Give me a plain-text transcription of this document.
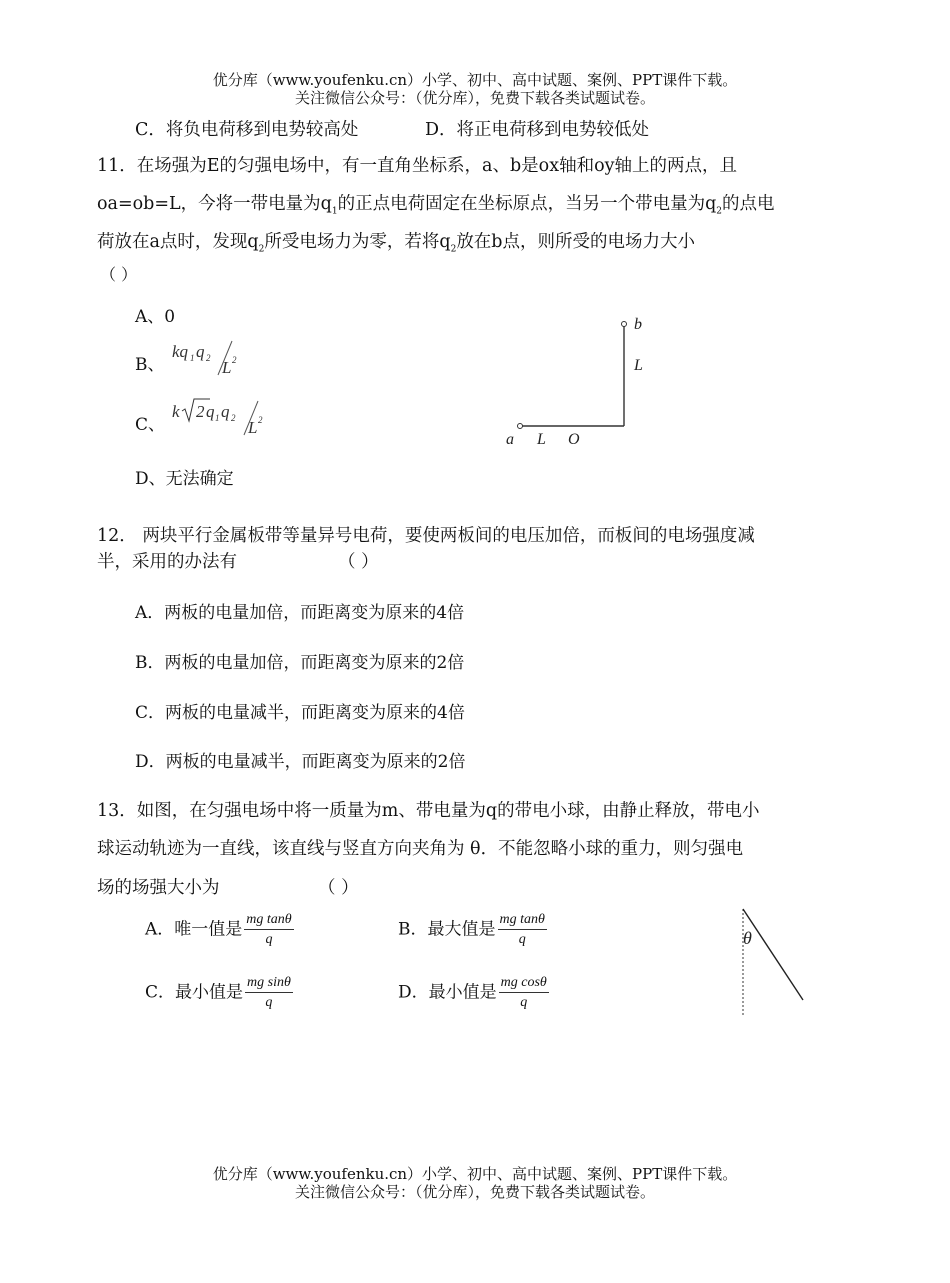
优分库（www.youfenku.cn）小学、初中、高中试题、案例、PPT课件下载。
关注微信公众号：（优分库），免费下载各类试题试卷。
C．将负电荷移到电势较高处	D．将正电荷移到电势较低处
11．在场强为E的匀强电场中，有一直角坐标系，a、b是ox轴和oy轴上的两点，且
oa=ob=L，今将一带电量为$q_1$的正点电荷固定在坐标原点，当另一个带电量为$q_2$的点电
荷放在a点时，发现$q_2$所受电场力为零，若将$q_2$放在b点，则所受的电场力大小
（ ）
A、0
B、
kq 1 q 2 L 2
C、
k 2 q 1 q 2 L 2
D、无法确定
b
L
a L O
12． 两块平行金属板带等量异号电荷，要使两板间的电压加倍，而板间的电场强度减
半，采用的办法有	（ ）
A．两板的电量加倍，而距离变为原来的4倍
B．两板的电量加倍，而距离变为原来的2倍
C．两板的电量减半，而距离变为原来的4倍
D．两板的电量减半，而距离变为原来的2倍
13．如图，在匀强电场中将一质量为m、带电量为q的带电小球，由静止释放，带电小
球运动轨迹为一直线，该直线与竖直方向夹角为 θ．不能忽略小球的重力，则匀强电
场的场强大小为	（ ）
A．唯一值是 $\frac{\text{mg tanθ}}{q}$	B．最大值是 $\frac{\text{mg tanθ}}{q}$
C．最小值是 $\frac{\text{mg sinθ}}{q}$	D．最小值是 $\frac{\text{mg cosθ}}{q}$
θ
优分库（www.youfenku.cn）小学、初中、高中试题、案例、PPT课件下载。
关注微信公众号：（优分库），免费下载各类试题试卷。
